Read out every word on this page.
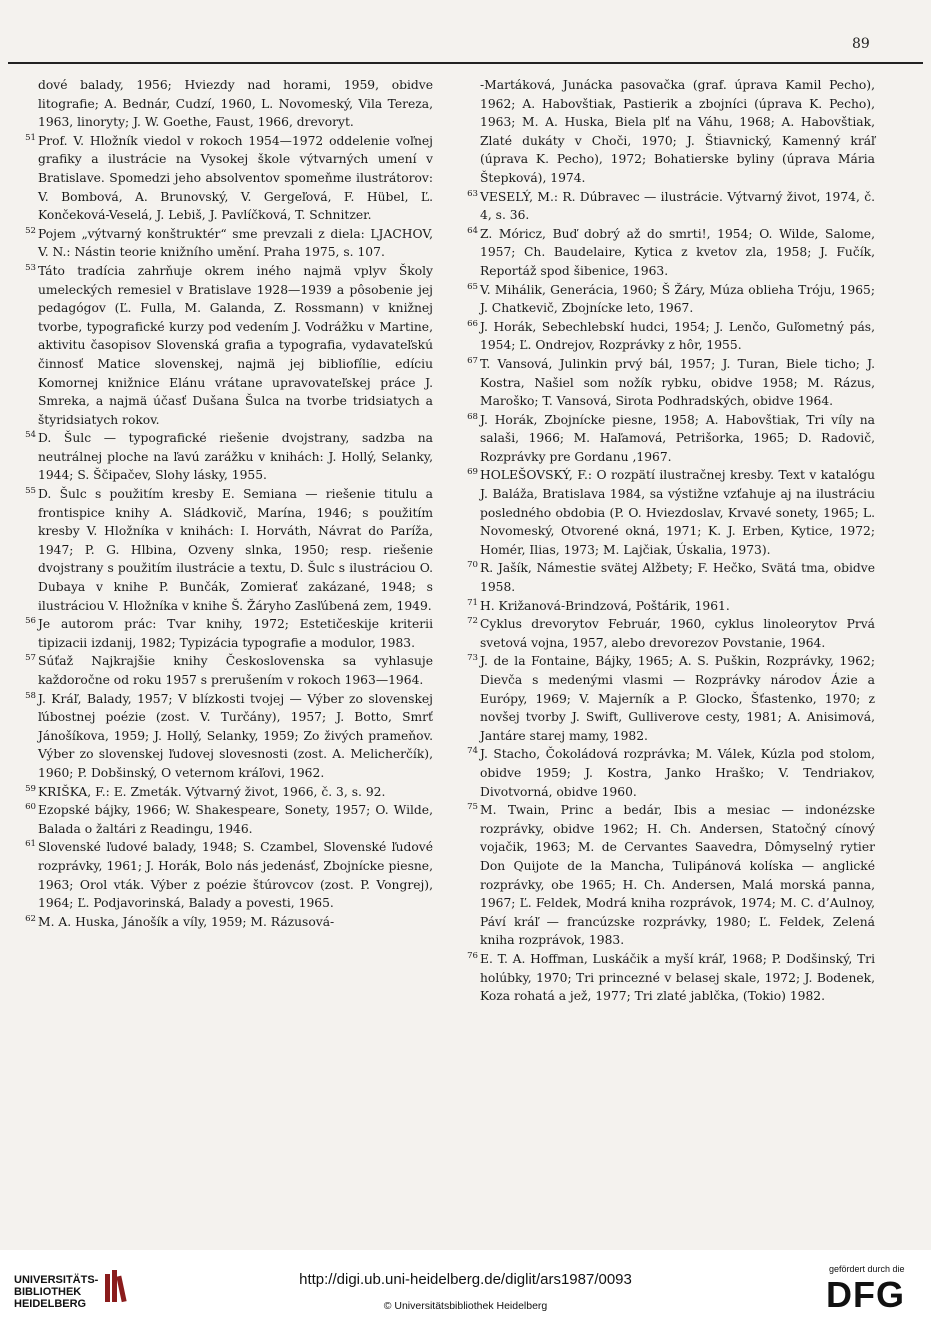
89
dové balady, 1956; Hviezdy nad horami, 1959, obidve litografie; A. Bednár, Cudzí, 1960, L. Novomeský, Vila Tereza, 1963, linoryty; J. W. Goethe, Faust, 1966, drevoryt.
51 Prof. V. Hložník viedol v rokoch 1954—1972 oddelenie voľnej grafiky a ilustrácie na Vysokej škole výtvarných umení v Bratislave. Spomedzi jeho absolventov spomeňme ilustrátorov: V. Bombová, A. Brunovský, V. Gergeľová, F. Hübel, Ľ. Končeková-Veselá, J. Lebiš, J. Pavlíčková, T. Schnitzer.
52 Pojem „výtvarný konštruktér“ sme prevzali z diela: LJACHOV, V. N.: Nástin teorie knižního umění. Praha 1975, s. 107.
53 Táto tradícia zahrňuje okrem iného najmä vplyv Školy umeleckých remesiel v Bratislave 1928—1939 a pôsobenie jej pedagógov (Ľ. Fulla, M. Galanda, Z. Rossmann) v knižnej tvorbe, typografické kurzy pod vedením J. Vodrážku v Martine, aktivitu časopisov Slovenská grafia a typografia, vydavateľskú činnosť Matice slovenskej, najmä jej bibliofílie, edíciu Komornej knižnice Elánu vrátane upravovateľskej práce J. Smreka, a najmä účasť Dušana Šulca na tvorbe tridsiatych a štyridsiatych rokov.
54 D. Šulc — typografické riešenie dvojstrany, sadzba na neutrálnej ploche na ľavú zarážku v knihách: J. Hollý, Selanky, 1944; S. Ščipačev, Slohy lásky, 1955.
55 D. Šulc s použitím kresby E. Semiana — riešenie titulu a frontispice knihy A. Sládkovič, Marína, 1946; s použitím kresby V. Hložníka v knihách: I. Horváth, Návrat do Paríža, 1947; P. G. Hlbina, Ozveny slnka, 1950; resp. riešenie dvojstrany s použitím ilustrácie a textu, D. Šulc s ilustráciou O. Dubaya v knihe P. Bunčák, Zomierať zakázané, 1948; s ilustráciou V. Hložníka v knihe Š. Žáryho Zasľúbená zem, 1949.
56 Je autorom prác: Tvar knihy, 1972; Estetičeskije kriterii tipizacii izdanij, 1982; Typizácia typografie a modulor, 1983.
57 Súťaž Najkrajšie knihy Československa sa vyhlasuje každoročne od roku 1957 s prerušením v rokoch 1963—1964.
58 J. Kráľ, Balady, 1957; V blízkosti tvojej — Výber zo slovenskej ľúbostnej poézie (zost. V. Turčány), 1957; J. Botto, Smrť Jánošíkova, 1959; J. Hollý, Selanky, 1959; Zo živých prameňov. Výber zo slovenskej ľudovej slovesnosti (zost. A. Melicherčík), 1960; P. Dobšinský, O veternom kráľovi, 1962.
59 KRIŠKA, F.: E. Zmeták. Výtvarný život, 1966, č. 3, s. 92.
60 Ezopské bájky, 1966; W. Shakespeare, Sonety, 1957; O. Wilde, Balada o žaltári z Readingu, 1946.
61 Slovenské ľudové balady, 1948; S. Czambel, Slovenské ľudové rozprávky, 1961; J. Horák, Bolo nás jedenásť, Zbojnícke piesne, 1963; Orol vták. Výber z poézie štúrovcov (zost. P. Vongrej), 1964; Ľ. Podjavorinská, Balady a povesti, 1965.
62 M. A. Huska, Jánošík a víly, 1959; M. Rázusová-
-Martáková, Junácka pasovačka (graf. úprava Kamil Pecho), 1962; A. Habovštiak, Pastierik a zbojníci (úprava K. Pecho), 1963; M. A. Huska, Biela plť na Váhu, 1968; A. Habovštiak, Zlaté dukáty v Choči, 1970; J. Štiavnický, Kamenný kráľ (úprava K. Pecho), 1972; Bohatierske byliny (úprava Mária Štepková), 1974.
63 VESELÝ, M.: R. Dúbravec — ilustrácie. Výtvarný život, 1974, č. 4, s. 36.
64 Z. Móricz, Buď dobrý až do smrti!, 1954; O. Wilde, Salome, 1957; Ch. Baudelaire, Kytica z kvetov zla, 1958; J. Fučík, Reportáž spod šibenice, 1963.
65 V. Mihálik, Generácia, 1960; Š Žáry, Múza oblieha Tróju, 1965; J. Chatkevič, Zbojnícke leto, 1967.
66 J. Horák, Sebechlebskí hudci, 1954; J. Lenčo, Guľometný pás, 1954; Ľ. Ondrejov, Rozprávky z hôr, 1955.
67 T. Vansová, Julinkin prvý bál, 1957; J. Turan, Biele ticho; J. Kostra, Našiel som nožík rybku, obidve 1958; M. Rázus, Maroško; T. Vansová, Sirota Podhradských, obidve 1964.
68 J. Horák, Zbojnícke piesne, 1958; A. Habovštiak, Tri víly na salaši, 1966; M. Haľamová, Petrišorka, 1965; D. Radovič, Rozprávky pre Gordanu ,1967.
69 HOLEŠOVSKÝ, F.: O rozpätí ilustračnej kresby. Text v katalógu J. Baláža, Bratislava 1984, sa výstižne vzťahuje aj na ilustráciu posledného obdobia (P. O. Hviezdoslav, Krvavé sonety, 1965; L. Novomeský, Otvorené okná, 1971; K. J. Erben, Kytice, 1972; Homér, Ilias, 1973; M. Lajčiak, Úskalia, 1973).
70 R. Jašík, Námestie svätej Alžbety; F. Hečko, Svätá tma, obidve 1958.
71 H. Križanová-Brindzová, Poštárik, 1961.
72 Cyklus drevorytov Február, 1960, cyklus linoleorytov Prvá svetová vojna, 1957, alebo drevorezov Povstanie, 1964.
73 J. de la Fontaine, Bájky, 1965; A. S. Puškin, Rozprávky, 1962; Dievča s medenými vlasmi — Rozprávky národov Ázie a Európy, 1969; V. Majerník a P. Glocko, Šťastenko, 1970; z novšej tvorby J. Swift, Gulliverove cesty, 1981; A. Anisimová, Jantáre starej mamy, 1982.
74 J. Stacho, Čokoládová rozprávka; M. Válek, Kúzla pod stolom, obidve 1959; J. Kostra, Janko Hraško; V. Tendriakov, Divotvorná, obidve 1960.
75 M. Twain, Princ a bedár, Ibis a mesiac — indonézske rozprávky, obidve 1962; H. Ch. Andersen, Statočný cínový vojačik, 1963; M. de Cervantes Saavedra, Dômyselný rytier Don Quijote de la Mancha, Tulipánová kolíska — anglické rozprávky, obe 1965; H. Ch. Andersen, Malá morská panna, 1967; Ľ. Feldek, Modrá kniha rozprávok, 1974; M. C. d’Aulnoy, Páví kráľ — francúzske rozprávky, 1980; Ľ. Feldek, Zelená kniha rozprávok, 1983.
76 E. T. A. Hoffman, Luskáčik a myší kráľ, 1968; P. Dodšinský, Tri holúbky, 1970; Tri princezné v belasej skale, 1972; J. Bodenek, Kozа rohatá a jež, 1977; Tri zlaté jablčka, (Tokio) 1982.
UNIVERSITÄTS-
BIBLIOTHEK
HEIDELBERG
http://digi.ub.uni-heidelberg.de/diglit/ars1987/0093
© Universitätsbibliothek Heidelberg
gefördert durch die
DFG
